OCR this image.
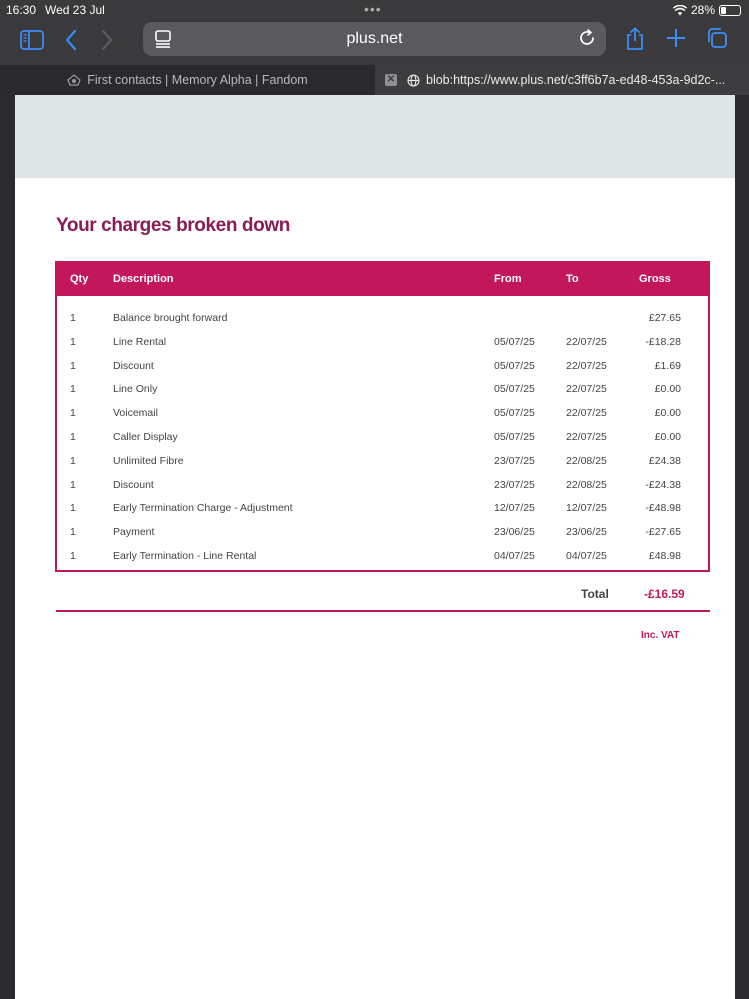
16:30 Wed 23 Jul	•••	28%
plus.net
First contacts | Memory Alpha | Fandom	✕ blob:https://www.plus.net/c3ff6b7a-ed48-453a-9d2c-...
Your charges broken down
Qty Description	From	To	Gross
1	Balance brought forward	£27.65
1	Line Rental	05/07/25	22/07/25	-£18.28
1	Discount	05/07/25	22/07/25	£1.69
1	Line Only	05/07/25	22/07/25	£0.00
1	Voicemail	05/07/25	22/07/25	£0.00
1	Caller Display	05/07/25	22/07/25	£0.00
1	Unlimited Fibre	23/07/25	22/08/25	£24.38
1	Discount	23/07/25	22/08/25	-£24.38
1	Early Termination Charge - Adjustment	12/07/25	12/07/25	-£48.98
1	Payment	23/06/25	23/06/25	-£27.65
1	Early Termination - Line Rental	04/07/25	04/07/25	£48.98
Total	-£16.59
Inc. VAT
